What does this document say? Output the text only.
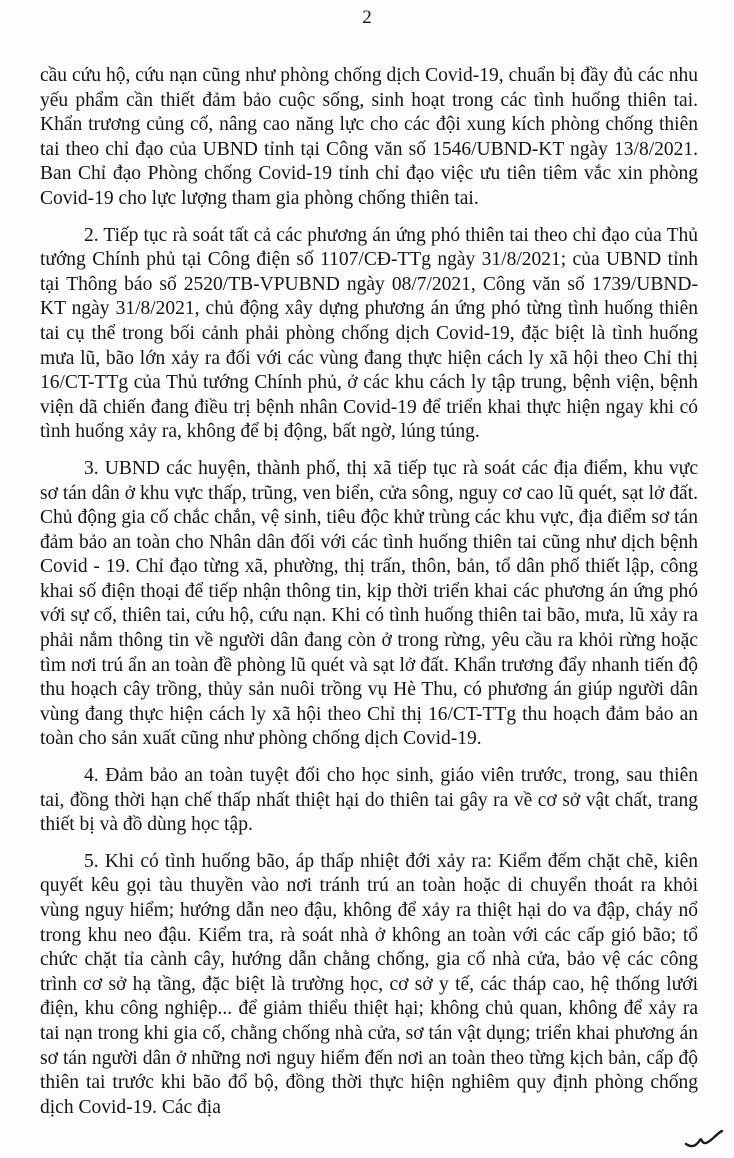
2

cầu cứu hộ, cứu nạn cũng như phòng chống dịch Covid-19, chuẩn bị đầy đủ các nhu yếu phẩm cần thiết đảm bảo cuộc sống, sinh hoạt trong các tình huống thiên tai. Khẩn trương củng cố, nâng cao năng lực cho các đội xung kích phòng chống thiên tai theo chỉ đạo của UBND tỉnh tại Công văn số 1546/UBND-KT ngày 13/8/2021. Ban Chỉ đạo Phòng chống Covid-19 tỉnh chỉ đạo việc ưu tiên tiêm vắc xin phòng Covid-19 cho lực lượng tham gia phòng chống thiên tai.

2. Tiếp tục rà soát tất cả các phương án ứng phó thiên tai theo chỉ đạo của Thủ tướng Chính phủ tại Công điện số 1107/CĐ-TTg ngày 31/8/2021; của UBND tỉnh tại Thông báo số 2520/TB-VPUBND ngày 08/7/2021, Công văn số 1739/UBND-KT ngày 31/8/2021, chủ động xây dựng phương án ứng phó từng tình huống thiên tai cụ thể trong bối cảnh phải phòng chống dịch Covid-19, đặc biệt là tình huống mưa lũ, bão lớn xảy ra đối với các vùng đang thực hiện cách ly xã hội theo Chỉ thị 16/CT-TTg của Thủ tướng Chính phủ, ở các khu cách ly tập trung, bệnh viện, bệnh viện dã chiến đang điều trị bệnh nhân Covid-19 để triển khai thực hiện ngay khi có tình huống xảy ra, không để bị động, bất ngờ, lúng túng.

3. UBND các huyện, thành phố, thị xã tiếp tục rà soát các địa điểm, khu vực sơ tán dân ở khu vực thấp, trũng, ven biển, cửa sông, nguy cơ cao lũ quét, sạt lở đất. Chủ động gia cố chắc chắn, vệ sinh, tiêu độc khử trùng các khu vực, địa điểm sơ tán đảm bảo an toàn cho Nhân dân đối với các tình huống thiên tai cũng như dịch bệnh Covid - 19. Chỉ đạo từng xã, phường, thị trấn, thôn, bản, tổ dân phố thiết lập, công khai số điện thoại để tiếp nhận thông tin, kịp thời triển khai các phương án ứng phó với sự cố, thiên tai, cứu hộ, cứu nạn. Khi có tình huống thiên tai bão, mưa, lũ xảy ra phải nắm thông tin về người dân đang còn ở trong rừng, yêu cầu ra khỏi rừng hoặc tìm nơi trú ẩn an toàn đề phòng lũ quét và sạt lở đất. Khẩn trương đẩy nhanh tiến độ thu hoạch cây trồng, thủy sản nuôi trồng vụ Hè Thu, có phương án giúp người dân vùng đang thực hiện cách ly xã hội theo Chỉ thị 16/CT-TTg thu hoạch đảm bảo an toàn cho sản xuất cũng như phòng chống dịch Covid-19.

4. Đảm bảo an toàn tuyệt đối cho học sinh, giáo viên trước, trong, sau thiên tai, đồng thời hạn chế thấp nhất thiệt hại do thiên tai gây ra về cơ sở vật chất, trang thiết bị và đồ dùng học tập.

5. Khi có tình huống bão, áp thấp nhiệt đới xảy ra: Kiểm đếm chặt chẽ, kiên quyết kêu gọi tàu thuyền vào nơi tránh trú an toàn hoặc di chuyển thoát ra khỏi vùng nguy hiểm; hướng dẫn neo đậu, không để xảy ra thiệt hại do va đập, cháy nổ trong khu neo đậu. Kiểm tra, rà soát nhà ở không an toàn với các cấp gió bão; tổ chức chặt tỉa cành cây, hướng dẫn chằng chống, gia cố nhà cửa, bảo vệ các công trình cơ sở hạ tầng, đặc biệt là trường học, cơ sở y tế, các tháp cao, hệ thống lưới điện, khu công nghiệp... để giảm thiểu thiệt hại; không chủ quan, không để xảy ra tai nạn trong khi gia cố, chằng chống nhà cửa, sơ tán vật dụng; triển khai phương án sơ tán người dân ở những nơi nguy hiểm đến nơi an toàn theo từng kịch bản, cấp độ thiên tai trước khi bão đổ bộ, đồng thời thực hiện nghiêm quy định phòng chống dịch Covid-19. Các địa
